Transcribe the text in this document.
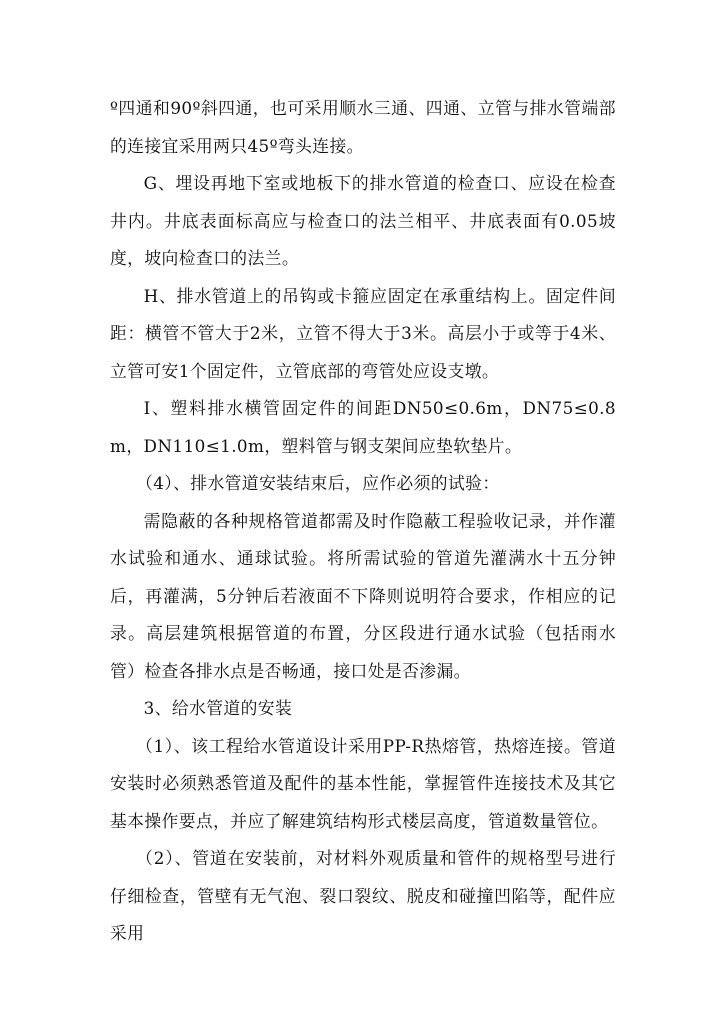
º四通和90º斜四通，也可采用顺水三通、四通、立管与排水管端部的连接宜采用两只45º弯头连接。

G、埋设再地下室或地板下的排水管道的检查口、应设在检查井内。井底表面标高应与检查口的法兰相平、井底表面有0.05坡度，坡向检查口的法兰。

H、排水管道上的吊钩或卡箍应固定在承重结构上。固定件间距：横管不管大于2米，立管不得大于3米。高层小于或等于4米、立管可安1个固定件，立管底部的弯管处应设支墩。

I、塑料排水横管固定件的间距DN50≤0.6m，DN75≤0.8m，DN110≤1.0m，塑料管与钢支架间应垫软垫片。

（4）、排水管道安装结束后，应作必须的试验：

需隐蔽的各种规格管道都需及时作隐蔽工程验收记录，并作灌水试验和通水、通球试验。将所需试验的管道先灌满水十五分钟后，再灌满，5分钟后若液面不下降则说明符合要求，作相应的记录。高层建筑根据管道的布置，分区段进行通水试验（包括雨水管）检查各排水点是否畅通，接口处是否渗漏。

3、给水管道的安装

（1）、该工程给水管道设计采用PP-R热熔管，热熔连接。管道安装时必须熟悉管道及配件的基本性能，掌握管件连接技术及其它基本操作要点，并应了解建筑结构形式楼层高度，管道数量管位。

（2）、管道在安装前，对材料外观质量和管件的规格型号进行仔细检查，管壁有无气泡、裂口裂纹、脱皮和碰撞凹陷等，配件应采用
